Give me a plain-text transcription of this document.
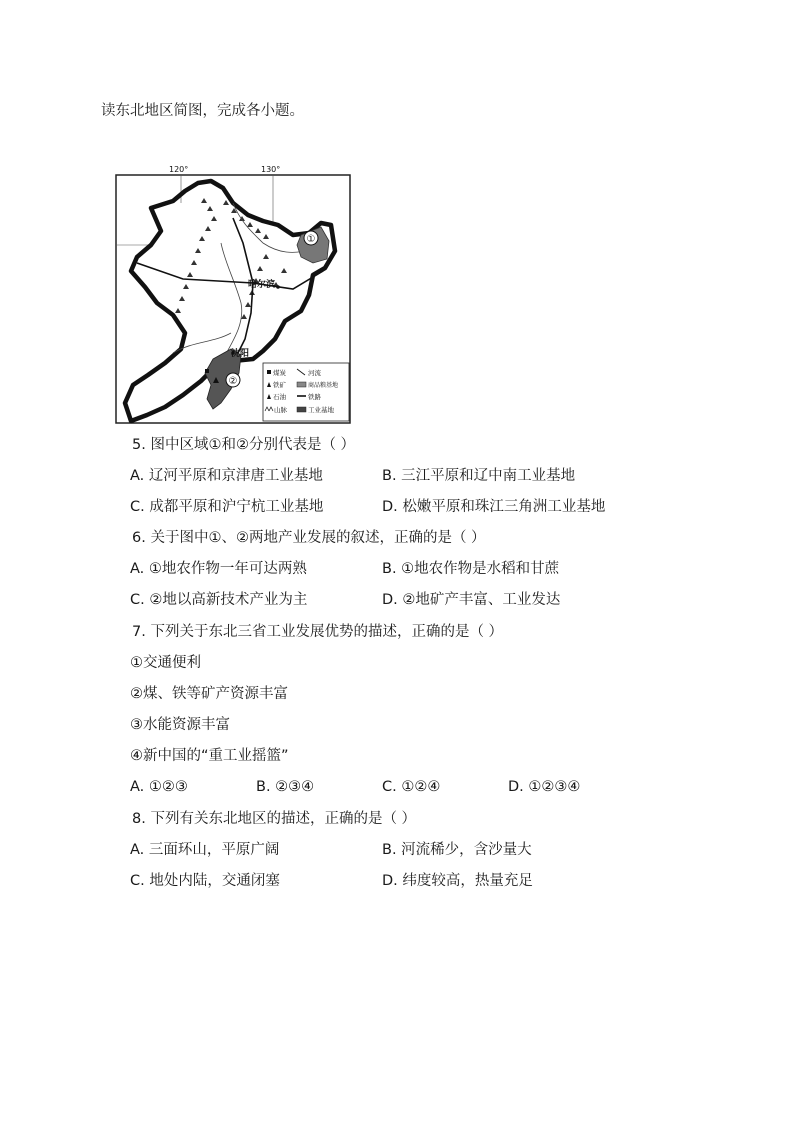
读东北地区简图，完成各小题。
120°	130°
①
哈尔滨
②
沈阳
煤炭
铁矿
石油
山脉
河流
商品粮基地
铁路
工业基地
5. 图中区域①和②分别代表是（ ）
A. 辽河平原和京津唐工业基地	B. 三江平原和辽中南工业基地
C. 成都平原和沪宁杭工业基地	D. 松嫩平原和珠江三角洲工业基地
6. 关于图中①、②两地产业发展的叙述，正确的是（ ）
A. ①地农作物一年可达两熟	B. ①地农作物是水稻和甘蔗
C. ②地以高新技术产业为主	D. ②地矿产丰富、工业发达
7. 下列关于东北三省工业发展优势的描述，正确的是（ ）
①交通便利
②煤、铁等矿产资源丰富
③水能资源丰富
④新中国的“重工业摇篮”
A. ①②③	B. ②③④	C. ①②④	D. ①②③④
8. 下列有关东北地区的描述，正确的是（ ）
A. 三面环山，平原广阔	B. 河流稀少，含沙量大
C. 地处内陆，交通闭塞	D. 纬度较高，热量充足
